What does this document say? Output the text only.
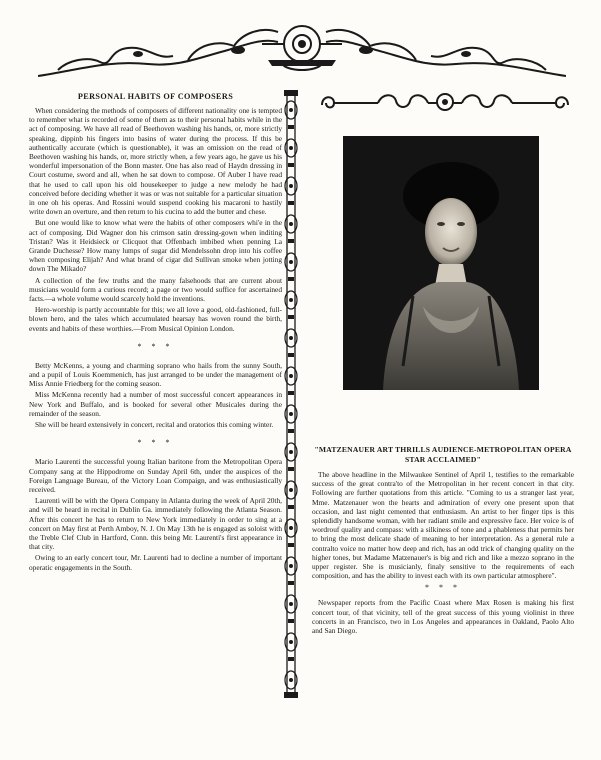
PERSONAL HABITS OF COMPOSERS

When considering the methods of composers of different nationality one is tempted to remember what is recorded of some of them as to their personal habits while in the act of composing. We have all read of Beethoven washing his hands, or, more strictly speaking, dippinb his fingers into basins of water during the process. If this be authentically accurate (which is questionable), it was an omission on the read of Beethoven washing his hands, or, more strictly when, a few years ago, he gave us his wonderful impersonation of the Bonn master. One has also read of Haydn dressing in Court costume, sword and all, when he sat down to compose. Of Auber I have read that he used to call upon his old housekeeper to judge a new melody he had conceived before deciding whether it was or was not suitable for a particular situation in one oh his operas. And Rossini would suspend cooking his macaroni to hastily write down an overture, and then return to his cucina to add the butter and chese.

But one would like to know what were the habits of other composers whi'e in the act of composing. Did Wagner don his crimson satin dressing-gown when inditing Tristan? Was it Heidsieck or Clicquot that Offenbach imbibed when penning La Grande Duchesse? How many lumps of sugar did Mendelssohn drop into his coffee when composing Elijah? And what brand of cigar did Sullivan smoke when jotting down The Mikado?

A collection of the few truths and the many falsehoods that are current about musicians would form a curious record; a page or two would suffice for ascertained facts.—a whole volume would scarcely hold the inventions.

Hero-worship is partly accountable for this; we all love a good, old-fashioned, full-blown hero, and the tales which accumulated hearsay has woven round the birth, events and habits of these worthies.—From Musical Opinion London.

* * *

Betty McKenns, a young and charming soprano who hails from the sunny South, and a pupil of Louis Koemmenich, has just arranged to be under the management of Miss Annie Friedberg for the coming season.

Miss McKenna recently had a number of most successful concert appearances in New York and Buffalo, and is booked for several other Musicales during the remainder of the season.

She will be heard extensively in concert, recital and oratorios this coming winter.

* * *

Mario Laurenti the successful young Italian baritone from the Metropolitan Opera Company sang at the Hippodrome on Sunday April 6th, under the auspices of the Foreign Language Bureau, of the Victory Loan Compaign, and was enthusiastically received.

Laurenti will be with the Opera Company in Atlanta during the week of April 20th, and will be heard in recital in Dublin Ga. immediately following the Atlanta Season. After this concert he has to return to New York immediately in order to sing at a concert on May first at Perth Amboy, N. J. On May 13th he is engaged as soloist with the Treble Clef Club in Hartford, Conn. this being Mr. Laurenti's first appearance in that city.

Owing to an early concert tour, Mr. Laurenti had to decline a number of important operatic engagements in the South.

"MATZENAUER ART THRILLS AUDIENCE-METROPOLITAN OPERA STAR ACCLAIMED"

The above headline in the Milwaukee Sentinel of April 1, testifies to the remarkable success of the great contra'to of the Metropolitan in her recent concert in that city. Following are further quotations from this article. "Coming to us a stranger last year, Mme. Matzenauer won the hearts and admiration of every one present upon that occasion, and last night cemented that enthusiasm. An artist to her finger tips is this splendidly handsome woman, with her radiant smile and expressive face. Her voice is of wordrouf quality and compass: with a silkiness of tone and a phableness that permits her to bring the most delicate shade of meaning to her interpretation. As a general rule a contralto voice no matter how deep and rich, has an odd trick of changing quality on the higher tones, but Madame Matzenauer's is big and rich and like a mezzo soprano in the upper register. She is musicianly, finaly sensitive to the requirements of each composition, and has the ability to invest each with its own particular atmosphere".

* * *

Newspaper reports from the Pacific Coast where Max Rosen is making his first concert tour, of that vicinity, tell of the great success of this young violinist in three concerts in an Francisco, two in Los Angeles and appearances in Oakland, Paolo Alto and San Diego.
